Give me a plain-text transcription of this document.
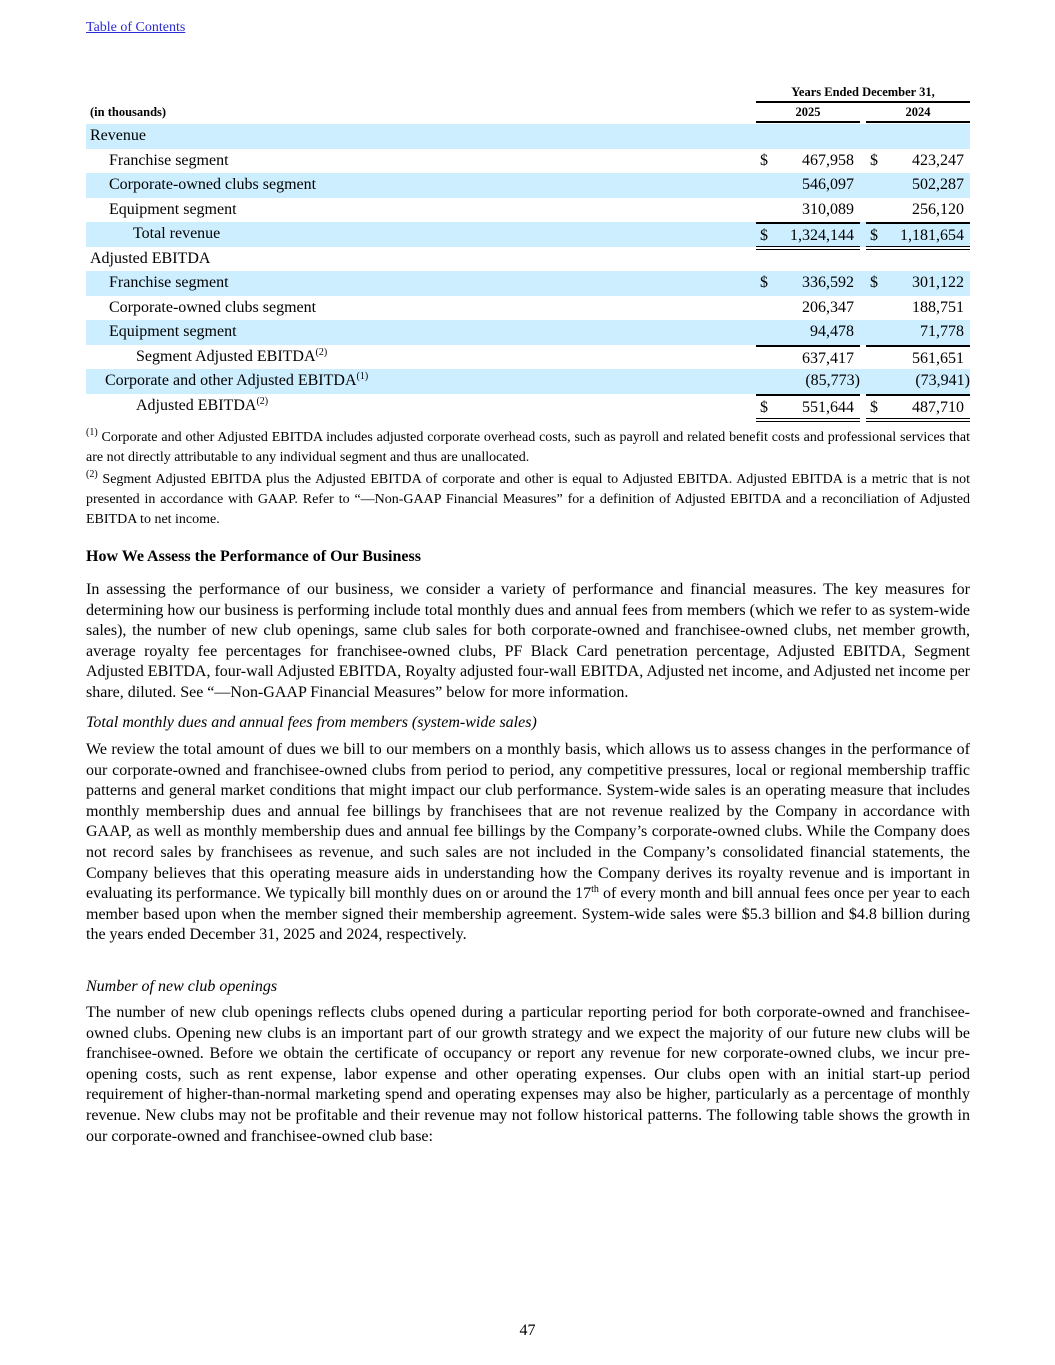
Table of Contents
Years Ended December 31,
(in thousands)	2025	2024
Revenue
Franchise segment	$ 467,958 $ 423,247
Corporate-owned clubs segment	546,097	502,287
Equipment segment	310,089	256,120
Total revenue	$ 1,324,144 $ 1,181,654
Adjusted EBITDA
Franchise segment	$ 336,592 $ 301,122
Corporate-owned clubs segment	206,347	188,751
Equipment segment	94,478	71,778
Segment Adjusted EBITDA$^{(2)}$	637,417	561,651
Corporate and other Adjusted EBITDA$^{(1)}$	(85,773)	(73,941)
Adjusted EBITDA$^{(2)}$	$ 551,644 $ 487,710
$^{(1)}$ Corporate and other Adjusted EBITDA includes adjusted corporate overhead costs, such as payroll and related benefit costs and professional services that are not directly attributable to any individual segment and thus are unallocated.
$^{(2)}$ Segment Adjusted EBITDA plus the Adjusted EBITDA of corporate and other is equal to Adjusted EBITDA. Adjusted EBITDA is a metric that is not presented in accordance with GAAP. Refer to “—Non-GAAP Financial Measures” for a definition of Adjusted EBITDA and a reconciliation of Adjusted EBITDA to net income.
How We Assess the Performance of Our Business
In assessing the performance of our business, we consider a variety of performance and financial measures. The key measures for determining how our business is performing include total monthly dues and annual fees from members (which we refer to as system-wide sales), the number of new club openings, same club sales for both corporate-owned and franchisee-owned clubs, net member growth, average royalty fee percentages for franchisee-owned clubs, PF Black Card penetration percentage, Adjusted EBITDA, Segment Adjusted EBITDA, four-wall Adjusted EBITDA, Royalty adjusted four-wall EBITDA, Adjusted net income, and Adjusted net income per share, diluted. See “—Non-GAAP Financial Measures” below for more information.
Total monthly dues and annual fees from members (system-wide sales)
We review the total amount of dues we bill to our members on a monthly basis, which allows us to assess changes in the performance of our corporate-owned and franchisee-owned clubs from period to period, any competitive pressures, local or regional membership traffic patterns and general market conditions that might impact our club performance. System-wide sales is an operating measure that includes monthly membership dues and annual fee billings by franchisees that are not revenue realized by the Company in accordance with GAAP, as well as monthly membership dues and annual fee billings by the Company’s corporate-owned clubs. While the Company does not record sales by franchisees as revenue, and such sales are not included in the Company’s consolidated financial statements, the Company believes that this operating measure aids in understanding how the Company derives its royalty revenue and is important in evaluating its performance. We typically bill monthly dues on or around the 17th of every month and bill annual fees once per year to each member based upon when the member signed their membership agreement. System-wide sales were $5.3 billion and $4.8 billion during the years ended December 31, 2025 and 2024, respectively.
Number of new club openings
The number of new club openings reflects clubs opened during a particular reporting period for both corporate-owned and franchisee-owned clubs. Opening new clubs is an important part of our growth strategy and we expect the majority of our future new clubs will be franchisee-owned. Before we obtain the certificate of occupancy or report any revenue for new corporate-owned clubs, we incur pre-opening costs, such as rent expense, labor expense and other operating expenses. Our clubs open with an initial start-up period requirement of higher-than-normal marketing spend and operating expenses may also be higher, particularly as a percentage of monthly revenue. New clubs may not be profitable and their revenue may not follow historical patterns. The following table shows the growth in our corporate-owned and franchisee-owned club base:
47
